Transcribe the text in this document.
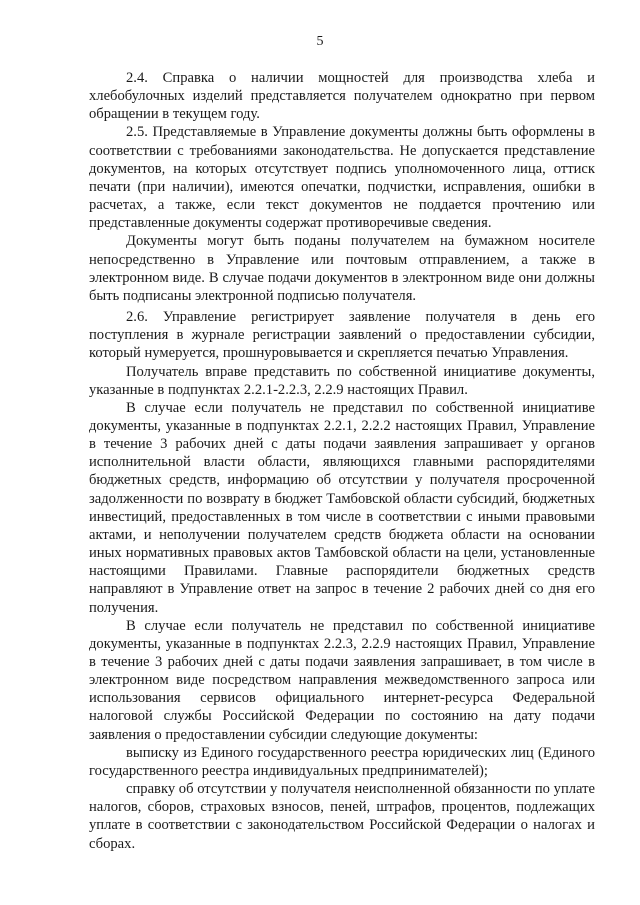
5

2.4. Справка о наличии мощностей для производства хлеба и хлебобулочных изделий представляется получателем однократно при первом обращении в текущем году.

2.5. Представляемые в Управление документы должны быть оформлены в соответствии с требованиями законодательства. Не допускается представление документов, на которых отсутствует подпись уполномоченного лица, оттиск печати (при наличии), имеются опечатки, подчистки, исправления, ошибки в расчетах, а также, если текст документов не поддается прочтению или представленные документы содержат противоречивые сведения.

Документы могут быть поданы получателем на бумажном носителе непосредственно в Управление или почтовым отправлением, а также в электронном виде. В случае подачи документов в электронном виде они должны быть подписаны электронной подписью получателя.

2.6. Управление регистрирует заявление получателя в день его поступления в журнале регистрации заявлений о предоставлении субсидии, который нумеруется, прошнуровывается и скрепляется печатью Управления.

Получатель вправе представить по собственной инициативе документы, указанные в подпунктах 2.2.1-2.2.3, 2.2.9 настоящих Правил.

В случае если получатель не представил по собственной инициативе документы, указанные в подпунктах 2.2.1, 2.2.2 настоящих Правил, Управление в течение 3 рабочих дней с даты подачи заявления запрашивает у органов исполнительной власти области, являющихся главными распорядителями бюджетных средств, информацию об отсутствии у получателя просроченной задолженности по возврату в бюджет Тамбовской области субсидий, бюджетных инвестиций, предоставленных в том числе в соответствии с иными правовыми актами, и неполучении получателем средств бюджета области на основании иных нормативных правовых актов Тамбовской области на цели, установленные настоящими Правилами. Главные распорядители бюджетных средств направляют в Управление ответ на запрос в течение 2 рабочих дней со дня его получения.

В случае если получатель не представил по собственной инициативе документы, указанные в подпунктах 2.2.3, 2.2.9 настоящих Правил, Управление в течение 3 рабочих дней с даты подачи заявления запрашивает, в том числе в электронном виде посредством направления межведомственного запроса или использования сервисов официального интернет-ресурса Федеральной налоговой службы Российской Федерации по состоянию на дату подачи заявления о предоставлении субсидии следующие документы:

выписку из Единого государственного реестра юридических лиц (Единого государственного реестра индивидуальных предпринимателей);

справку об отсутствии у получателя неисполненной обязанности по уплате налогов, сборов, страховых взносов, пеней, штрафов, процентов, подлежащих уплате в соответствии с законодательством Российской Федерации о налогах и сборах.
